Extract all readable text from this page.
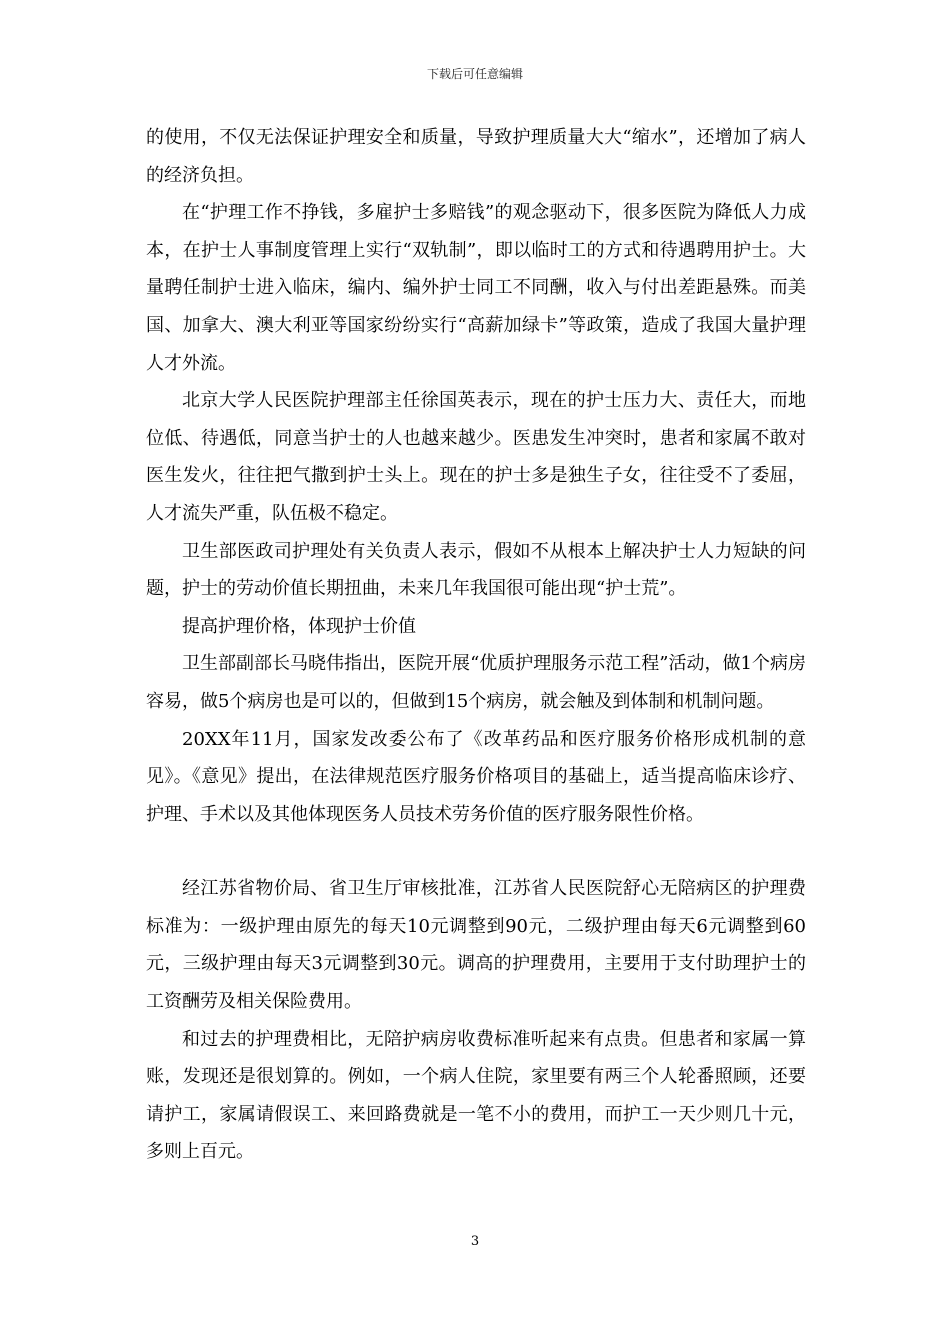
下载后可任意编辑

的使用，不仅无法保证护理安全和质量，导致护理质量大大“缩水”，还增加了病人的经济负担。

在“护理工作不挣钱，多雇护士多赔钱”的观念驱动下，很多医院为降低人力成本，在护士人事制度管理上实行“双轨制”，即以临时工的方式和待遇聘用护士。大量聘任制护士进入临床，编内、编外护士同工不同酬，收入与付出差距悬殊。而美国、加拿大、澳大利亚等国家纷纷实行“高薪加绿卡”等政策，造成了我国大量护理人才外流。

北京大学人民医院护理部主任徐国英表示，现在的护士压力大、责任大，而地位低、待遇低，同意当护士的人也越来越少。医患发生冲突时，患者和家属不敢对医生发火，往往把气撒到护士头上。现在的护士多是独生子女，往往受不了委屈，人才流失严重，队伍极不稳定。

卫生部医政司护理处有关负责人表示，假如不从根本上解决护士人力短缺的问题，护士的劳动价值长期扭曲，未来几年我国很可能出现“护士荒”。

提高护理价格，体现护士价值

卫生部副部长马晓伟指出，医院开展“优质护理服务示范工程”活动，做1个病房容易，做5个病房也是可以的，但做到15个病房，就会触及到体制和机制问题。

20XX年11月，国家发改委公布了《改革药品和医疗服务价格形成机制的意见》。《意见》提出，在法律规范医疗服务价格项目的基础上，适当提高临床诊疗、护理、手术以及其他体现医务人员技术劳务价值的医疗服务限性价格。

经江苏省物价局、省卫生厅审核批准，江苏省人民医院舒心无陪病区的护理费标准为：一级护理由原先的每天10元调整到90元，二级护理由每天6元调整到60元，三级护理由每天3元调整到30元。调高的护理费用，主要用于支付助理护士的工资酬劳及相关保险费用。

和过去的护理费相比，无陪护病房收费标准听起来有点贵。但患者和家属一算账，发现还是很划算的。例如，一个病人住院，家里要有两三个人轮番照顾，还要请护工，家属请假误工、来回路费就是一笔不小的费用，而护工一天少则几十元，多则上百元。

3
